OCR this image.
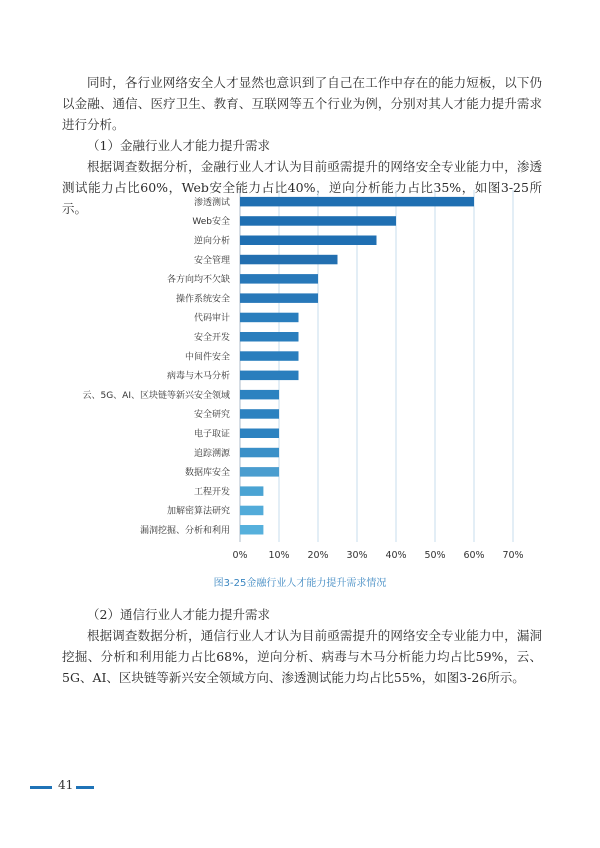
同时，各行业网络安全人才显然也意识到了自己在工作中存在的能力短板，以下仍以金融、通信、医疗卫生、教育、互联网等五个行业为例，分别对其人才能力提升需求进行分析。

（1）金融行业人才能力提升需求

根据调查数据分析，金融行业人才认为目前亟需提升的网络安全专业能力中，渗透测试能力占比60%，Web安全能力占比40%，逆向分析能力占比35%，如图3-25所示。	渗透测试
Web安全
逆向分析
安全管理
各方向均不欠缺
操作系统安全
代码审计
安全开发
中间件安全
病毒与木马分析
云、5G、AI、区块链等新兴安全领域
安全研究
电子取证
追踪溯源
数据库安全
工程开发
加解密算法研究
漏洞挖掘、分析和利用
0% 10% 20% 30% 40% 50% 60% 70%
图3-25金融行业人才能力提升需求情况

（2）通信行业人才能力提升需求

根据调查数据分析，通信行业人才认为目前亟需提升的网络安全专业能力中，漏洞挖掘、分析和利用能力占比68%，逆向分析、病毒与木马分析能力均占比59%，云、5G、AI、区块链等新兴安全领域方向、渗透测试能力均占比55%，如图3-26所示。

41
